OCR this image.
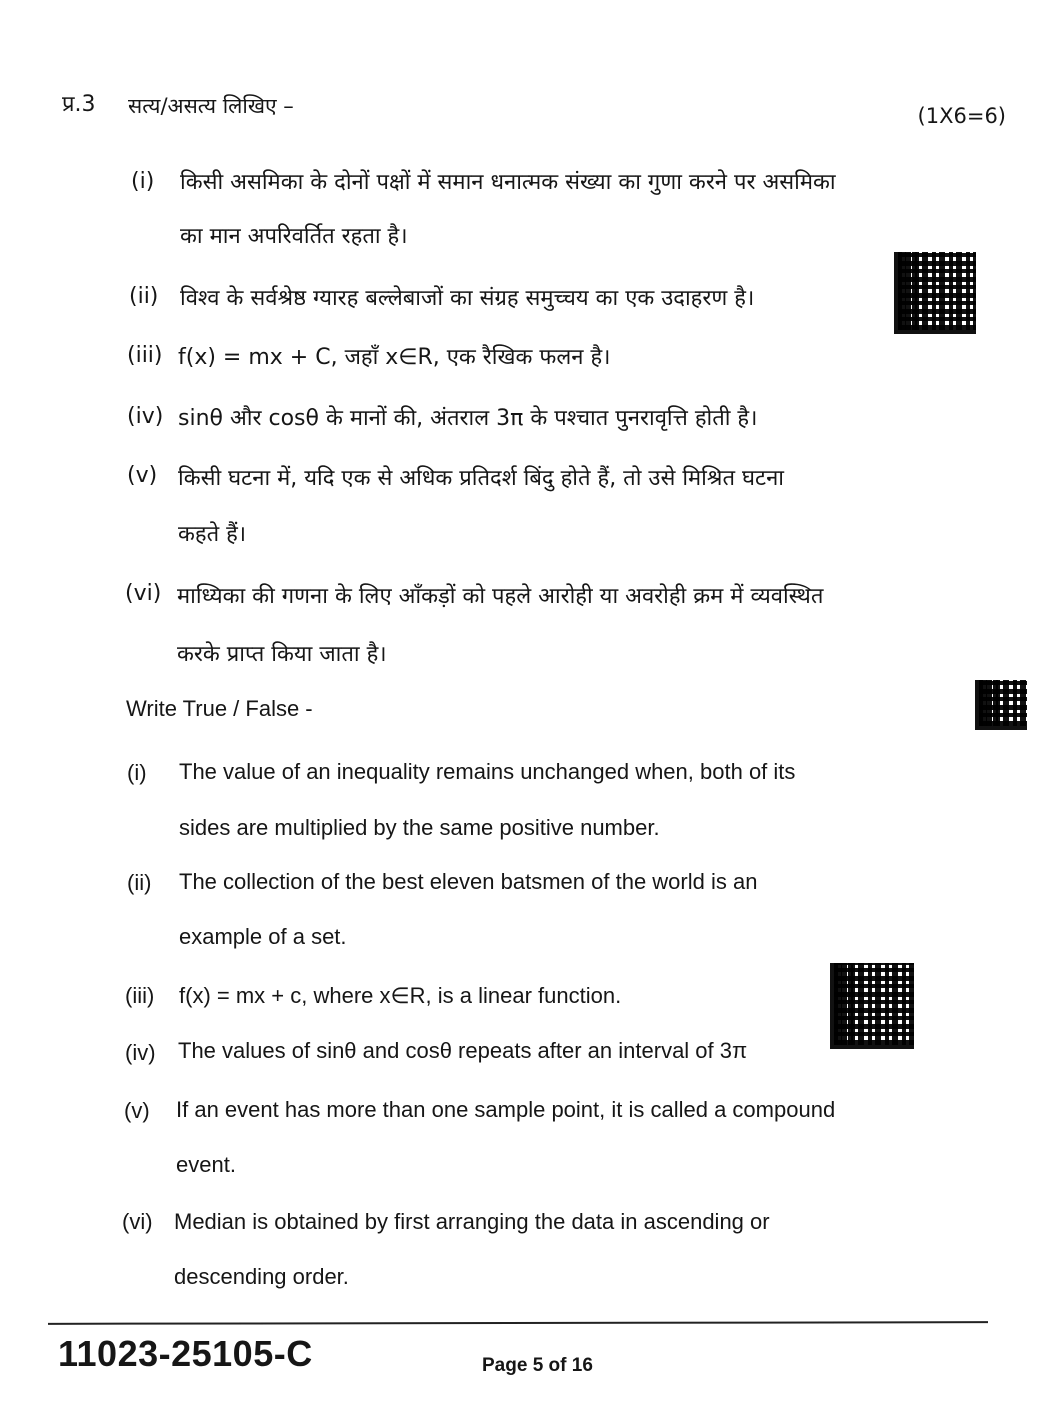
प्र.3 सत्य/असत्य लिखिए –	(1X6=6)
(i) किसी असमिका के दोनों पक्षों में समान धनात्मक संख्या का गुणा करने पर असमिका
का मान अपरिवर्तित रहता है।
(ii) विश्व के सर्वश्रेष्ठ ग्यारह बल्लेबाजों का संग्रह समुच्चय का एक उदाहरण है।
(iii) f(x) = mx + C, जहाँ x∈R, एक रैखिक फलन है।
(iv) sinθ और cosθ के मानों की, अंतराल 3π के पश्चात पुनरावृत्ति होती है।
(v) किसी घटना में, यदि एक से अधिक प्रतिदर्श बिंदु होते हैं, तो उसे मिश्रित घटना
कहते हैं।
(vi) माध्यिका की गणना के लिए आँकड़ों को पहले आरोही या अवरोही क्रम में व्यवस्थित
करके प्राप्त किया जाता है।
Write True / False -
(i) The value of an inequality remains unchanged when, both of its
sides are multiplied by the same positive number.
(ii) The collection of the best eleven batsmen of the world is an
example of a set.
(iii) f(x) = mx + c, where x∈R, is a linear function.
(iv) The values of sinθ and cosθ repeats after an interval of 3π
(v) If an event has more than one sample point, it is called a compound
event.
(vi) Median is obtained by first arranging the data in ascending or
descending order.
11023-25105-C	Page 5 of 16
